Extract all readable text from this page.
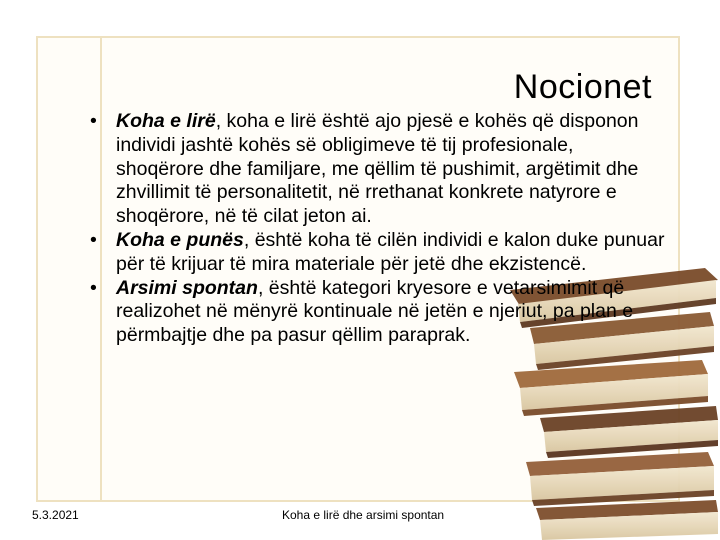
Nocionet
• Koha e lirë, koha e lirë është ajo pjesë e kohës që disponon individi jashtë kohës së obligimeve të tij profesionale, shoqërore dhe familjare, me qëllim të pushimit, argëtimit dhe zhvillimit të personalitetit, në rrethanat konkrete natyrore e shoqërore, në të cilat jeton ai.
• Koha e punës, është koha të cilën individi e kalon duke punuar për të krijuar të mira materiale për jetë dhe ekzistencë.
• Arsimi spontan, është kategori kryesore e vetarsimimit që realizohet në mënyrë kontinuale në jetën e njeriut, pa plan e përmbajtje dhe pa pasur qëllim paraprak.
5.3.2021	Koha e lirë dhe arsimi spontan
